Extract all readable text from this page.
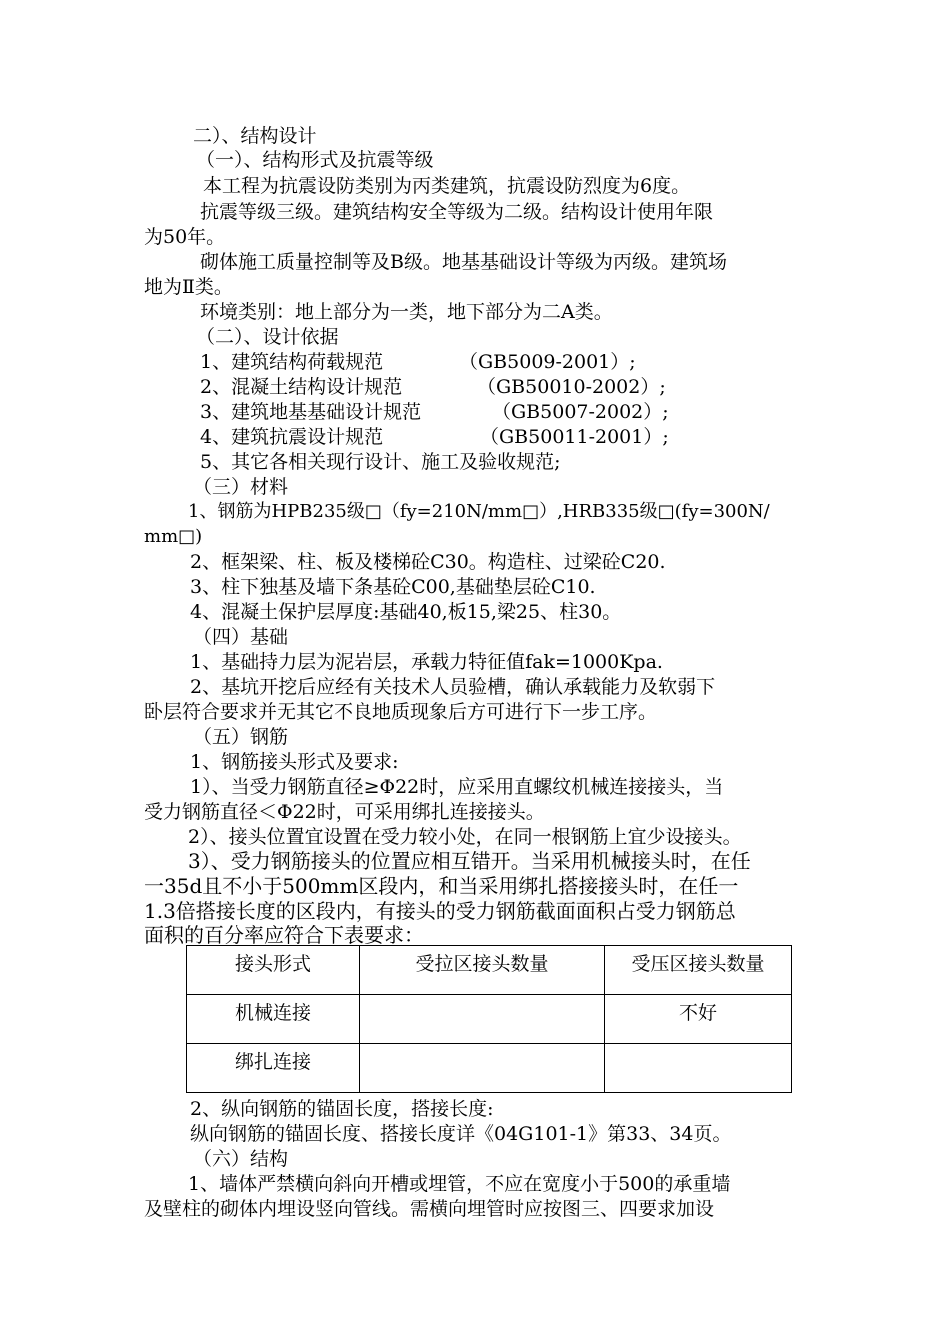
二）、结构设计
（一）、结构形式及抗震等级
本工程为抗震设防类别为丙类建筑，抗震设防烈度为6度。
抗震等级三级。建筑结构安全等级为二级。结构设计使用年限
为50年。
砌体施工质量控制等及B级。地基基础设计等级为丙级。建筑场
地为Ⅱ类。
环境类别：地上部分为一类，地下部分为二A类。
（二）、设计依据
1、建筑结构荷载规范	（GB5009-2001）;
2、混凝土结构设计规范	（GB50010-2002）;
3、建筑地基基础设计规范	（GB5007-2002）;
4、建筑抗震设计规范	（GB50011-2001）;
5、其它各相关现行设计、施工及验收规范;
（三）材料
1、钢筋为HPB235级□（fy=210N/mm□）,HRB335级□(fy=300N/
mm□)
2、框架梁、柱、板及楼梯砼C30。构造柱、过梁砼C20.
3、柱下独基及墙下条基砼C00,基础垫层砼C10.
4、混凝土保护层厚度:基础40,板15,梁25、柱30。
（四）基础
1、基础持力层为泥岩层，承载力特征值fak=1000Kpa.
2、基坑开挖后应经有关技术人员验槽，确认承载能力及软弱下
卧层符合要求并无其它不良地质现象后方可进行下一步工序。
（五）钢筋
1、钢筋接头形式及要求:
1）、当受力钢筋直径≥Φ22时，应采用直螺纹机械连接接头，当
受力钢筋直径＜Φ22时，可采用绑扎连接接头。
2）、接头位置宜设置在受力较小处，在同一根钢筋上宜少设接头。
3）、受力钢筋接头的位置应相互错开。当采用机械接头时，在任
一35d且不小于500mm区段内，和当采用绑扎搭接接头时，在任一
1.3倍搭接长度的区段内，有接头的受力钢筋截面面积占受力钢筋总
面积的百分率应符合下表要求：
接头形式	受拉区接头数量	受压区接头数量
机械连接		不好
绑扎连接		
2、纵向钢筋的锚固长度，搭接长度:
纵向钢筋的锚固长度、搭接长度详《04G101-1》第33、34页。
（六）结构
1、墙体严禁横向斜向开槽或埋管，不应在宽度小于500的承重墙
及壁柱的砌体内埋设竖向管线。需横向埋管时应按图三、四要求加设
